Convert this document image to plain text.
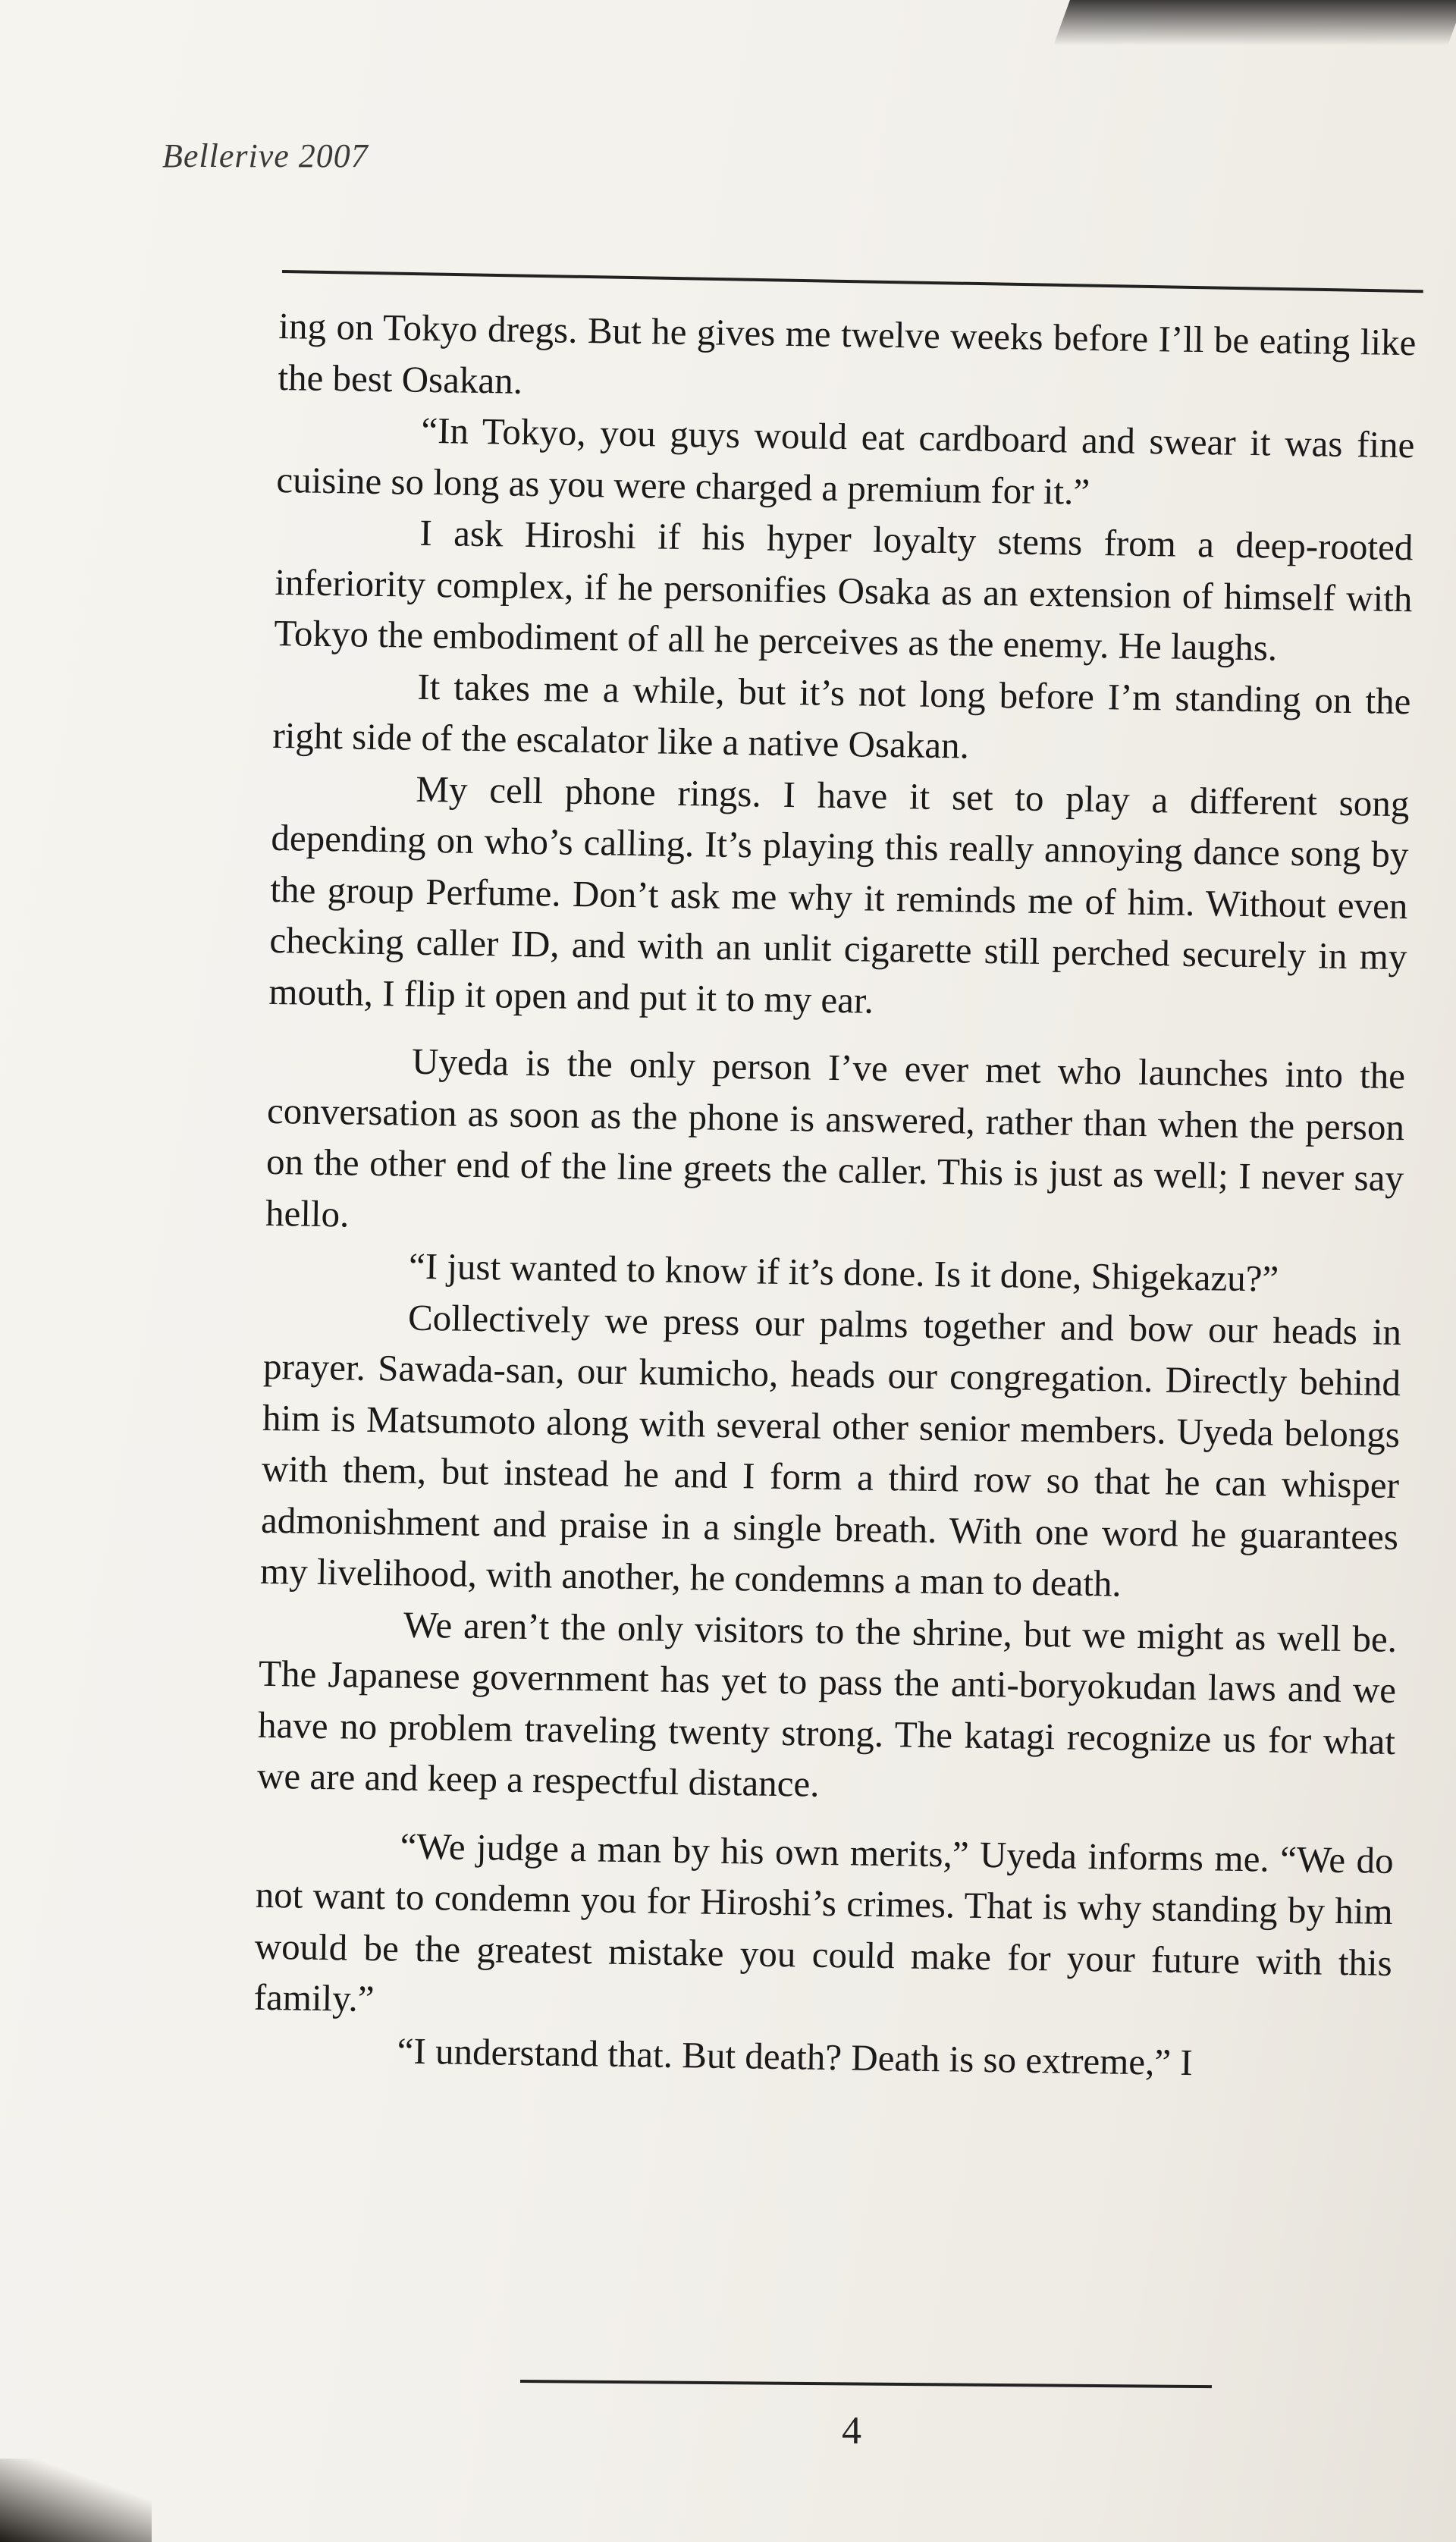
Bellerive 2007

ing on Tokyo dregs. But he gives me twelve weeks before I’ll be eating like the best Osakan.

“In Tokyo, you guys would eat cardboard and swear it was fine cuisine so long as you were charged a premium for it.”

I ask Hiroshi if his hyper loyalty stems from a deep-rooted inferiority complex, if he personifies Osaka as an extension of himself with Tokyo the embodiment of all he perceives as the enemy. He laughs.

It takes me a while, but it’s not long before I’m standing on the right side of the escalator like a native Osakan.

My cell phone rings. I have it set to play a different song depending on who’s calling. It’s playing this really annoying dance song by the group Perfume. Don’t ask me why it reminds me of him. Without even checking caller ID, and with an unlit cigarette still perched securely in my mouth, I flip it open and put it to my ear.

Uyeda is the only person I’ve ever met who launches into the conversation as soon as the phone is answered, rather than when the person on the other end of the line greets the caller. This is just as well; I never say hello.

“I just wanted to know if it’s done. Is it done, Shigekazu?”

Collectively we press our palms together and bow our heads in prayer. Sawada-san, our kumicho, heads our congregation. Directly behind him is Matsumoto along with several other senior members. Uyeda belongs with them, but instead he and I form a third row so that he can whisper admonishment and praise in a single breath. With one word he guarantees my livelihood, with another, he condemns a man to death.

We aren’t the only visitors to the shrine, but we might as well be. The Japanese government has yet to pass the anti-boryokudan laws and we have no problem traveling twenty strong. The katagi recognize us for what we are and keep a respectful distance.

“We judge a man by his own merits,” Uyeda informs me. “We do not want to condemn you for Hiroshi’s crimes. That is why standing by him would be the greatest mistake you could make for your future with this family.”

“I understand that. But death? Death is so extreme,” I

4
